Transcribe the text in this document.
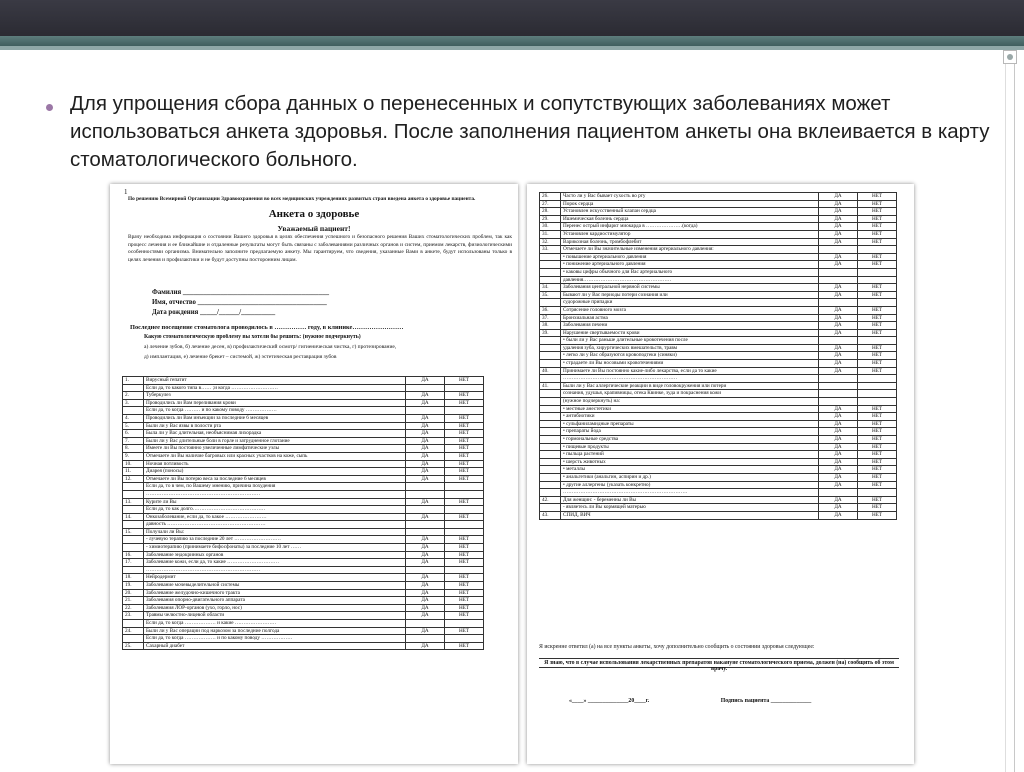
Для упрощения сбора данных о перенесенных и сопутствующих заболеваниях может использоваться анкета здоровья. После заполнения пациентом анкеты она вклеивается в карту стоматологического больного.
1
По решению Всемирной Организации Здравоохранения во всех медицинских учреждениях развитых стран введена анкета о здоровье пациента.
Анкета о здоровье
Уважаемый пациент!
Врачу необходима информация о состоянии Вашего здоровья в целях обеспечения успешного и безопасного решения Ваших стоматологических проблем, так как процесс лечения и ее ближайшие и отдаленные результаты могут быть связаны с заболеваниями различных органов и систем, приемом лекарств, физиологическими особенностями организма. Внимательно заполните предлагаемую анкету. Мы гарантируем, что сведения, указанные Вами в анкете, будут использованы только в целях лечения и профилактики и не будут доступны посторонним лицам.
Фамилия ___________________________________________
Имя, отчество ______________________________________
Дата рождения _____/______/__________
Последнее посещение стоматолога проводилось в …………… году, в клинике……………………
Какую стоматологическую проблему вы хотели бы решить: (нужное подчеркнуть)
а) лечение зубов, б) лечение десен, в) профилактический осмотр/ гигиеническая чистка, г) протезирование,
д) имплантация, е) лечение брекет – системой, ж) эстетическая реставрация зубов
1.	Вирусный гепатит	ДА	НЕТ
	Если да, то какого типа в…… ;и когда ………………………		
2.	Туберкулез	ДА	НЕТ
3.	Проводились ли Вам переливания крови	ДА	НЕТ
	Если да, то когда ……… и по какому поводу ………………		
4.	Проводились ли Вам инъекции за последние 6 месяцев	ДА	НЕТ
5.	Были ли у Вас язвы в полости рта	ДА	НЕТ
6.	Была ли у Вас длительная, необъяснимая лихорадка	ДА	НЕТ
7.	Были ли у Вас длительные боли в горле и затрудненное глотание	ДА	НЕТ
8.	Имеете ли Вы постоянно увеличенные лимфатические узлы	ДА	НЕТ
9.	Отмечаете ли Вы наличие багровых или красных участков на коже, сыпь	ДА	НЕТ
10.	Ночная потливость	ДА	НЕТ
11.	Диарея (поносы)	ДА	НЕТ
12.	Отмечаете ли Вы потерю веса за последние 6 месяцев	ДА	НЕТ
	Если да, то в чем, по Вашему мнению, причина похудения		
	…………………………………………………………		
13.	Курите ли Вы	ДА	НЕТ
	Если да, то как долго……………………………………		
14.	Онкозаболевание, если да, то какое ……………………	ДА	НЕТ
	давность …………………………………………………		
15.	Получали ли Вы:		
	- лучевую терапию за последние 20 лет ………………………	ДА	НЕТ
	- химиотерапию (принимаете бифосфонаты) за последние 10 лет ……	ДА	НЕТ
16.	Заболевание эндокринных органов	ДА	НЕТ
17.	Заболевание кожи, если да, то какие …………………………	ДА	НЕТ
	…………………………………………………………		
18.	Нейродермит	ДА	НЕТ
19.	Заболевание мочевыделительной системы	ДА	НЕТ
20.	Заболевание желудочно-кишечного тракта	ДА	НЕТ
21.	Заболевания опорно-двигательного аппарата	ДА	НЕТ
22.	Заболевания ЛОР-органов (ухо, горло, нос)	ДА	НЕТ
23.	Травмы челюстно-лицевой области	ДА	НЕТ
	Если да, то когда ……………… и какие ……………………		
24.	Были ли у Вас операции под наркозом за последние полгода	ДА	НЕТ
	Если да, то когда ……………… и по какому поводу ………………		
25.	Сахарный диабет	ДА	НЕТ
26.	Часто ли у Вас бывает сухость во рту	ДА	НЕТ
27.	Порок сердца	ДА	НЕТ
28.	Установлен искусственный клапан сердца	ДА	НЕТ
29.	Ишемическая болезнь сердца	ДА	НЕТ
30.	Перенес острый инфаркт миокарда в …………………(когда)	ДА	НЕТ
31.	Установлен кардиостимулятор	ДА	НЕТ
32.	Варикозная болезнь, тромбофлебит	ДА	НЕТ
33.	Отмечаете ли Вы значительные изменения артериального давления:		
	• повышение артериального давления	ДА	НЕТ
	• понижение артериального давления	ДА	НЕТ
	• каковы цифры обычного для Вас артериального		
	давления……………………………………………		
34.	Заболевания центральной нервной системы	ДА	НЕТ
35.	Бывают ли у Вас периоды потери сознания или	ДА	НЕТ
	судорожные припадки		
36.	Сотрясение головного мозга	ДА	НЕТ
37.	Бронхиальная астма	ДА	НЕТ
38.	Заболевания печени	ДА	НЕТ
39.	Нарушение свертываемости крови	ДА	НЕТ
	• были ли у Вас раньше длительные кровотечения после		
	удаления зуба, хирургических вмешательств, травм	ДА	НЕТ
	• легко ли у Вас образуются кровоподтеки (синяки)	ДА	НЕТ
	• страдаете ли Вы носовыми кровотечениями	ДА	НЕТ
40.	Принимаете ли Вы постоянно какие-либо лекарства, если да то какие	ДА	НЕТ
	…………………………………………………………		
41.	Были ли у Вас аллергические реакции в виде головокружения или потери		
	сознания, удушья, крапивницы, отека Квинке, зуда и покраснения кожи		
	(нужное подчеркнуть) на:		
	• местные анестетики	ДА	НЕТ
	• антибиотики	ДА	НЕТ
	• сульфаниламидные препараты	ДА	НЕТ
	• препараты йода	ДА	НЕТ
	• гормональные средства	ДА	НЕТ
	• пищевые продукты	ДА	НЕТ
	• пыльца растений	ДА	НЕТ
	• шерсть животных	ДА	НЕТ
	• металлы	ДА	НЕТ
	• анальгетики (анальгин, аспирин и др.)	ДА	НЕТ
	• другие аллергены (указать конкретно)	ДА	НЕТ
	………………………………………………………………		
42.	Для женщин: - беременны ли Вы	ДА	НЕТ
	- являетесь ли Вы кормящей матерью	ДА	НЕТ
43.	СПИД, ВИЧ	ДА	НЕТ
Я искренне ответил (а) на все пункты анкеты, хочу дополнительно сообщить о состоянии здоровья следующее:
Я знаю, что в случае использования лекарственных препаратов накануне стоматологического приема, должен (на) сообщить об этом врачу.
«____» ______________20____г.	Подпись пациента ______________
